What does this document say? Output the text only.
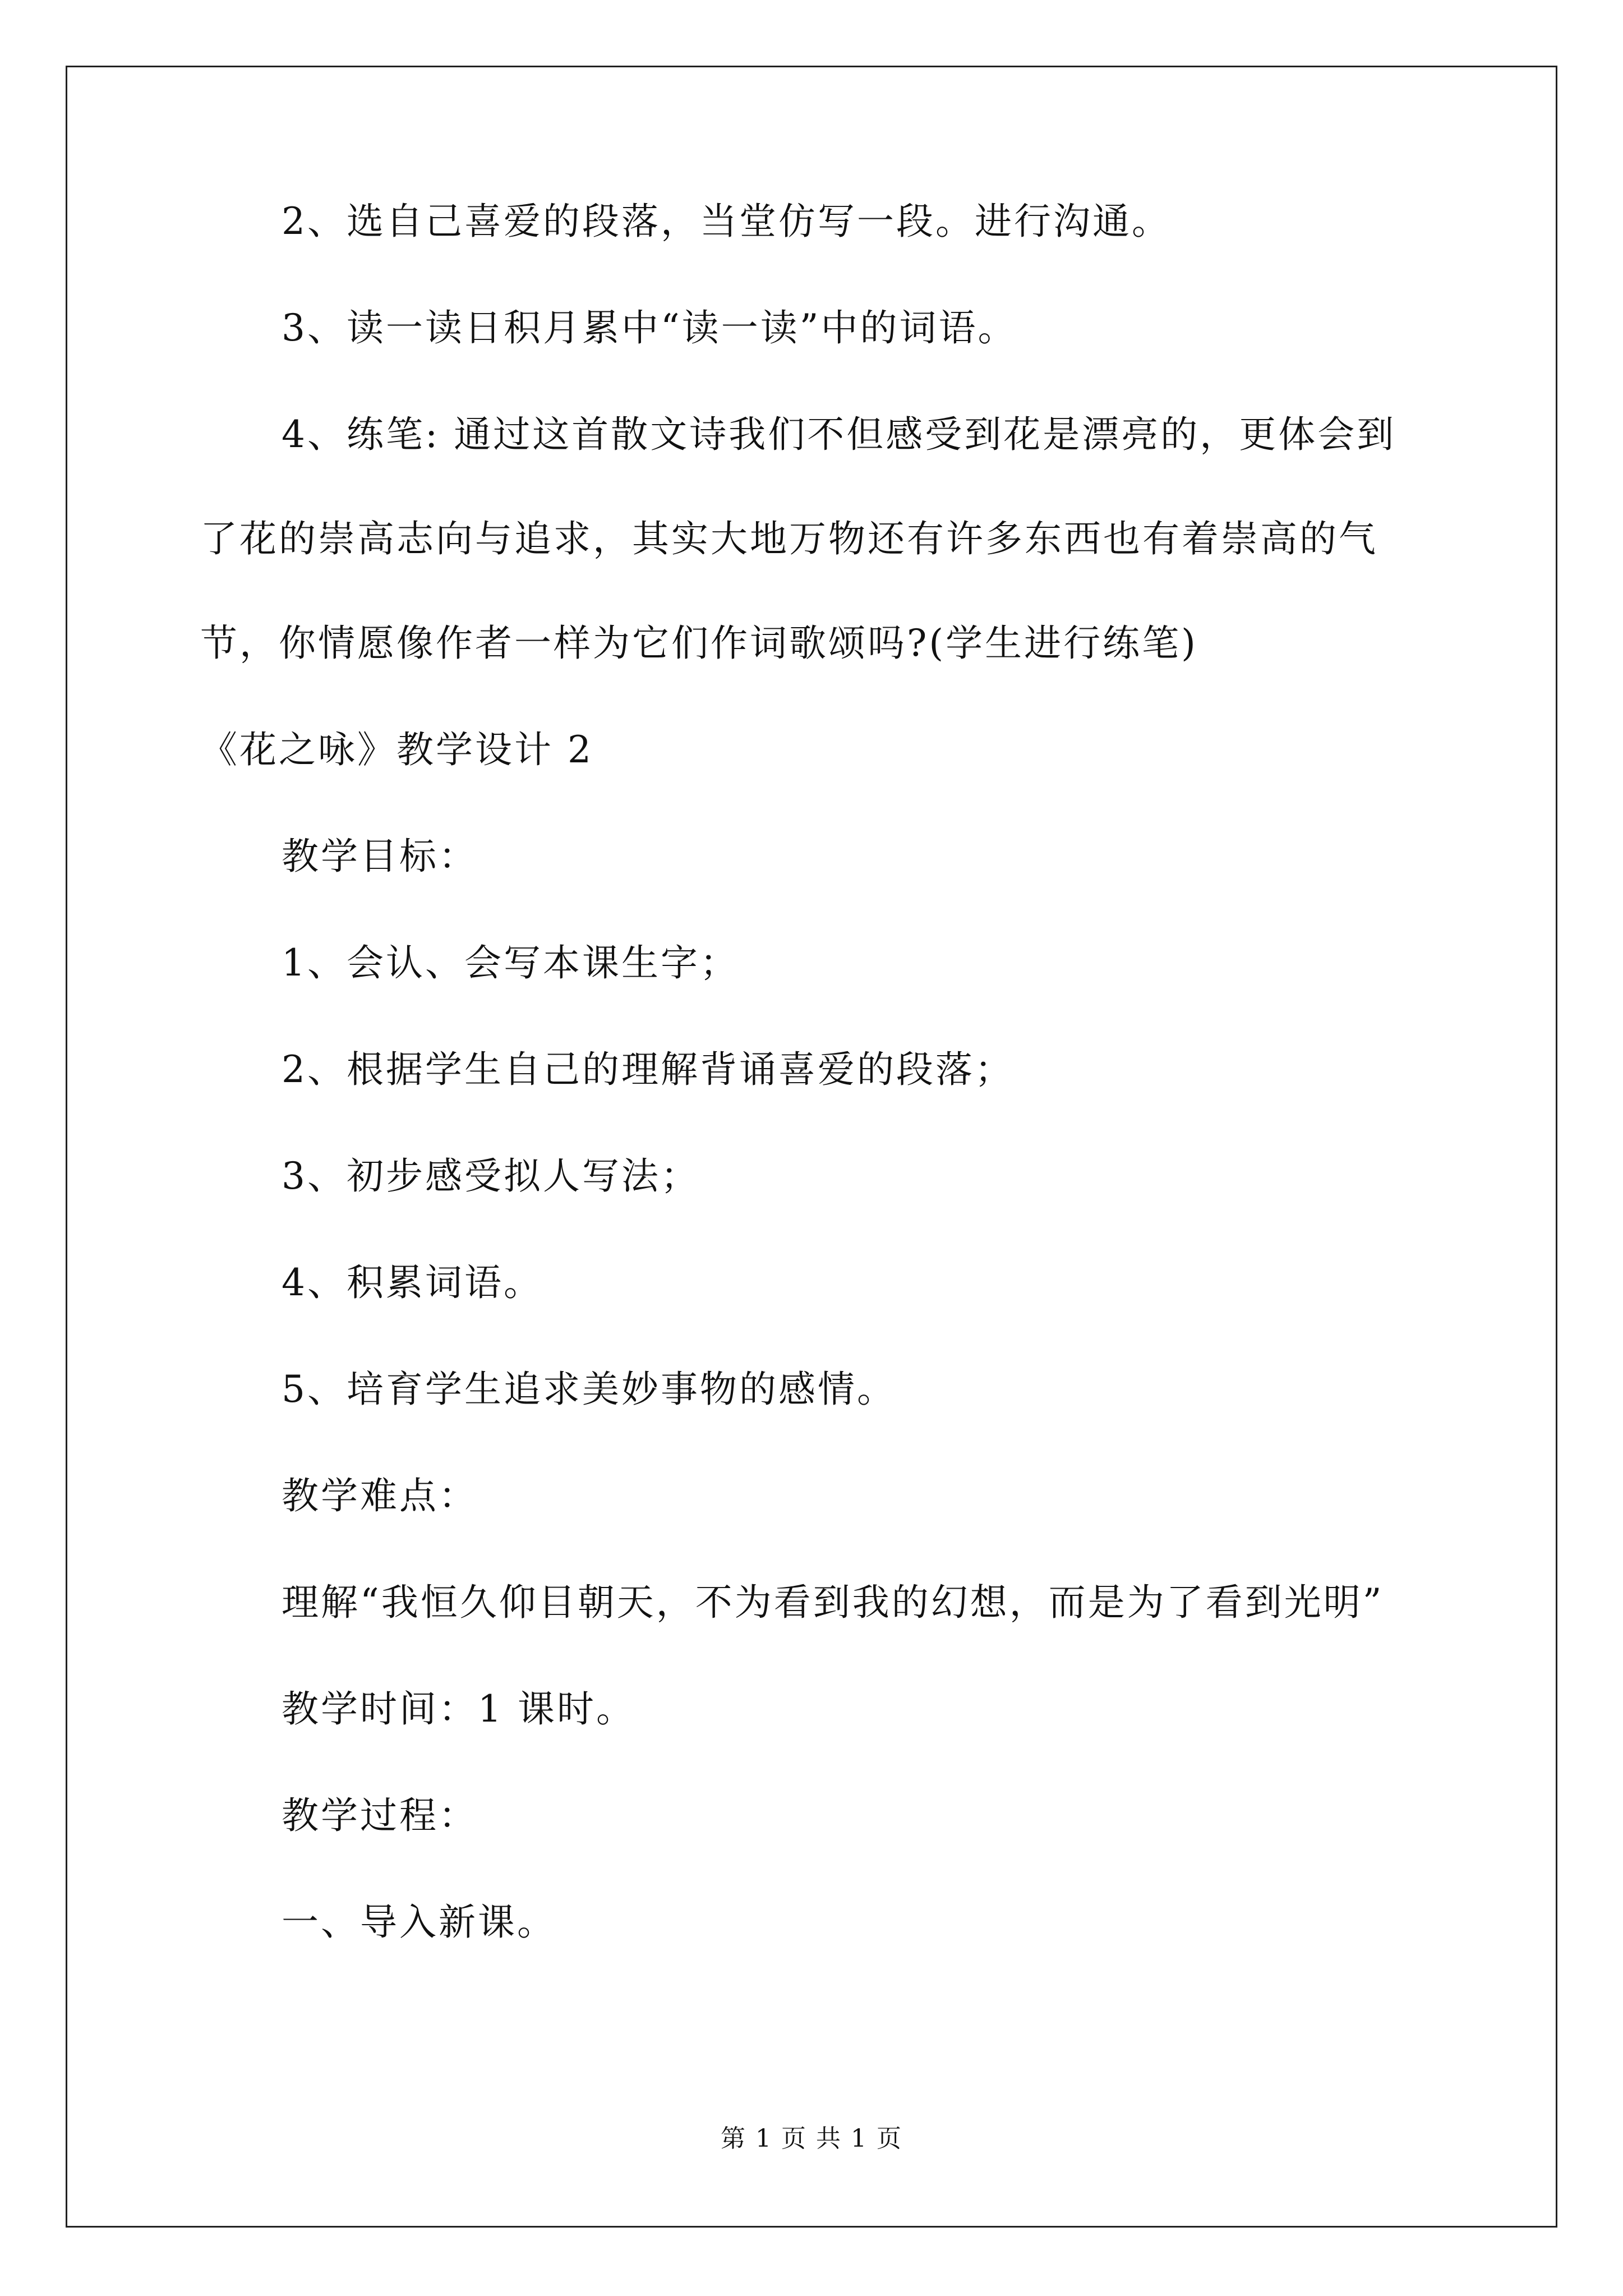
2、选自己喜爱的段落，当堂仿写一段。进行沟通。
3、读一读日积月累中“读一读”中的词语。
4、练笔: 通过这首散文诗我们不但感受到花是漂亮的，更体会到
了花的崇高志向与追求，其实大地万物还有许多东西也有着崇高的气
节，你情愿像作者一样为它们作词歌颂吗?(学生进行练笔)
《花之咏》教学设计 2
教学目标：
1、会认、会写本课生字；
2、根据学生自己的理解背诵喜爱的段落；
3、初步感受拟人写法；
4、积累词语。
5、培育学生追求美妙事物的感情。
教学难点：
理解“我恒久仰目朝天，不为看到我的幻想，而是为了看到光明”
教学时间：1 课时。
教学过程：
一、导入新课。
第 1 页 共 1 页
